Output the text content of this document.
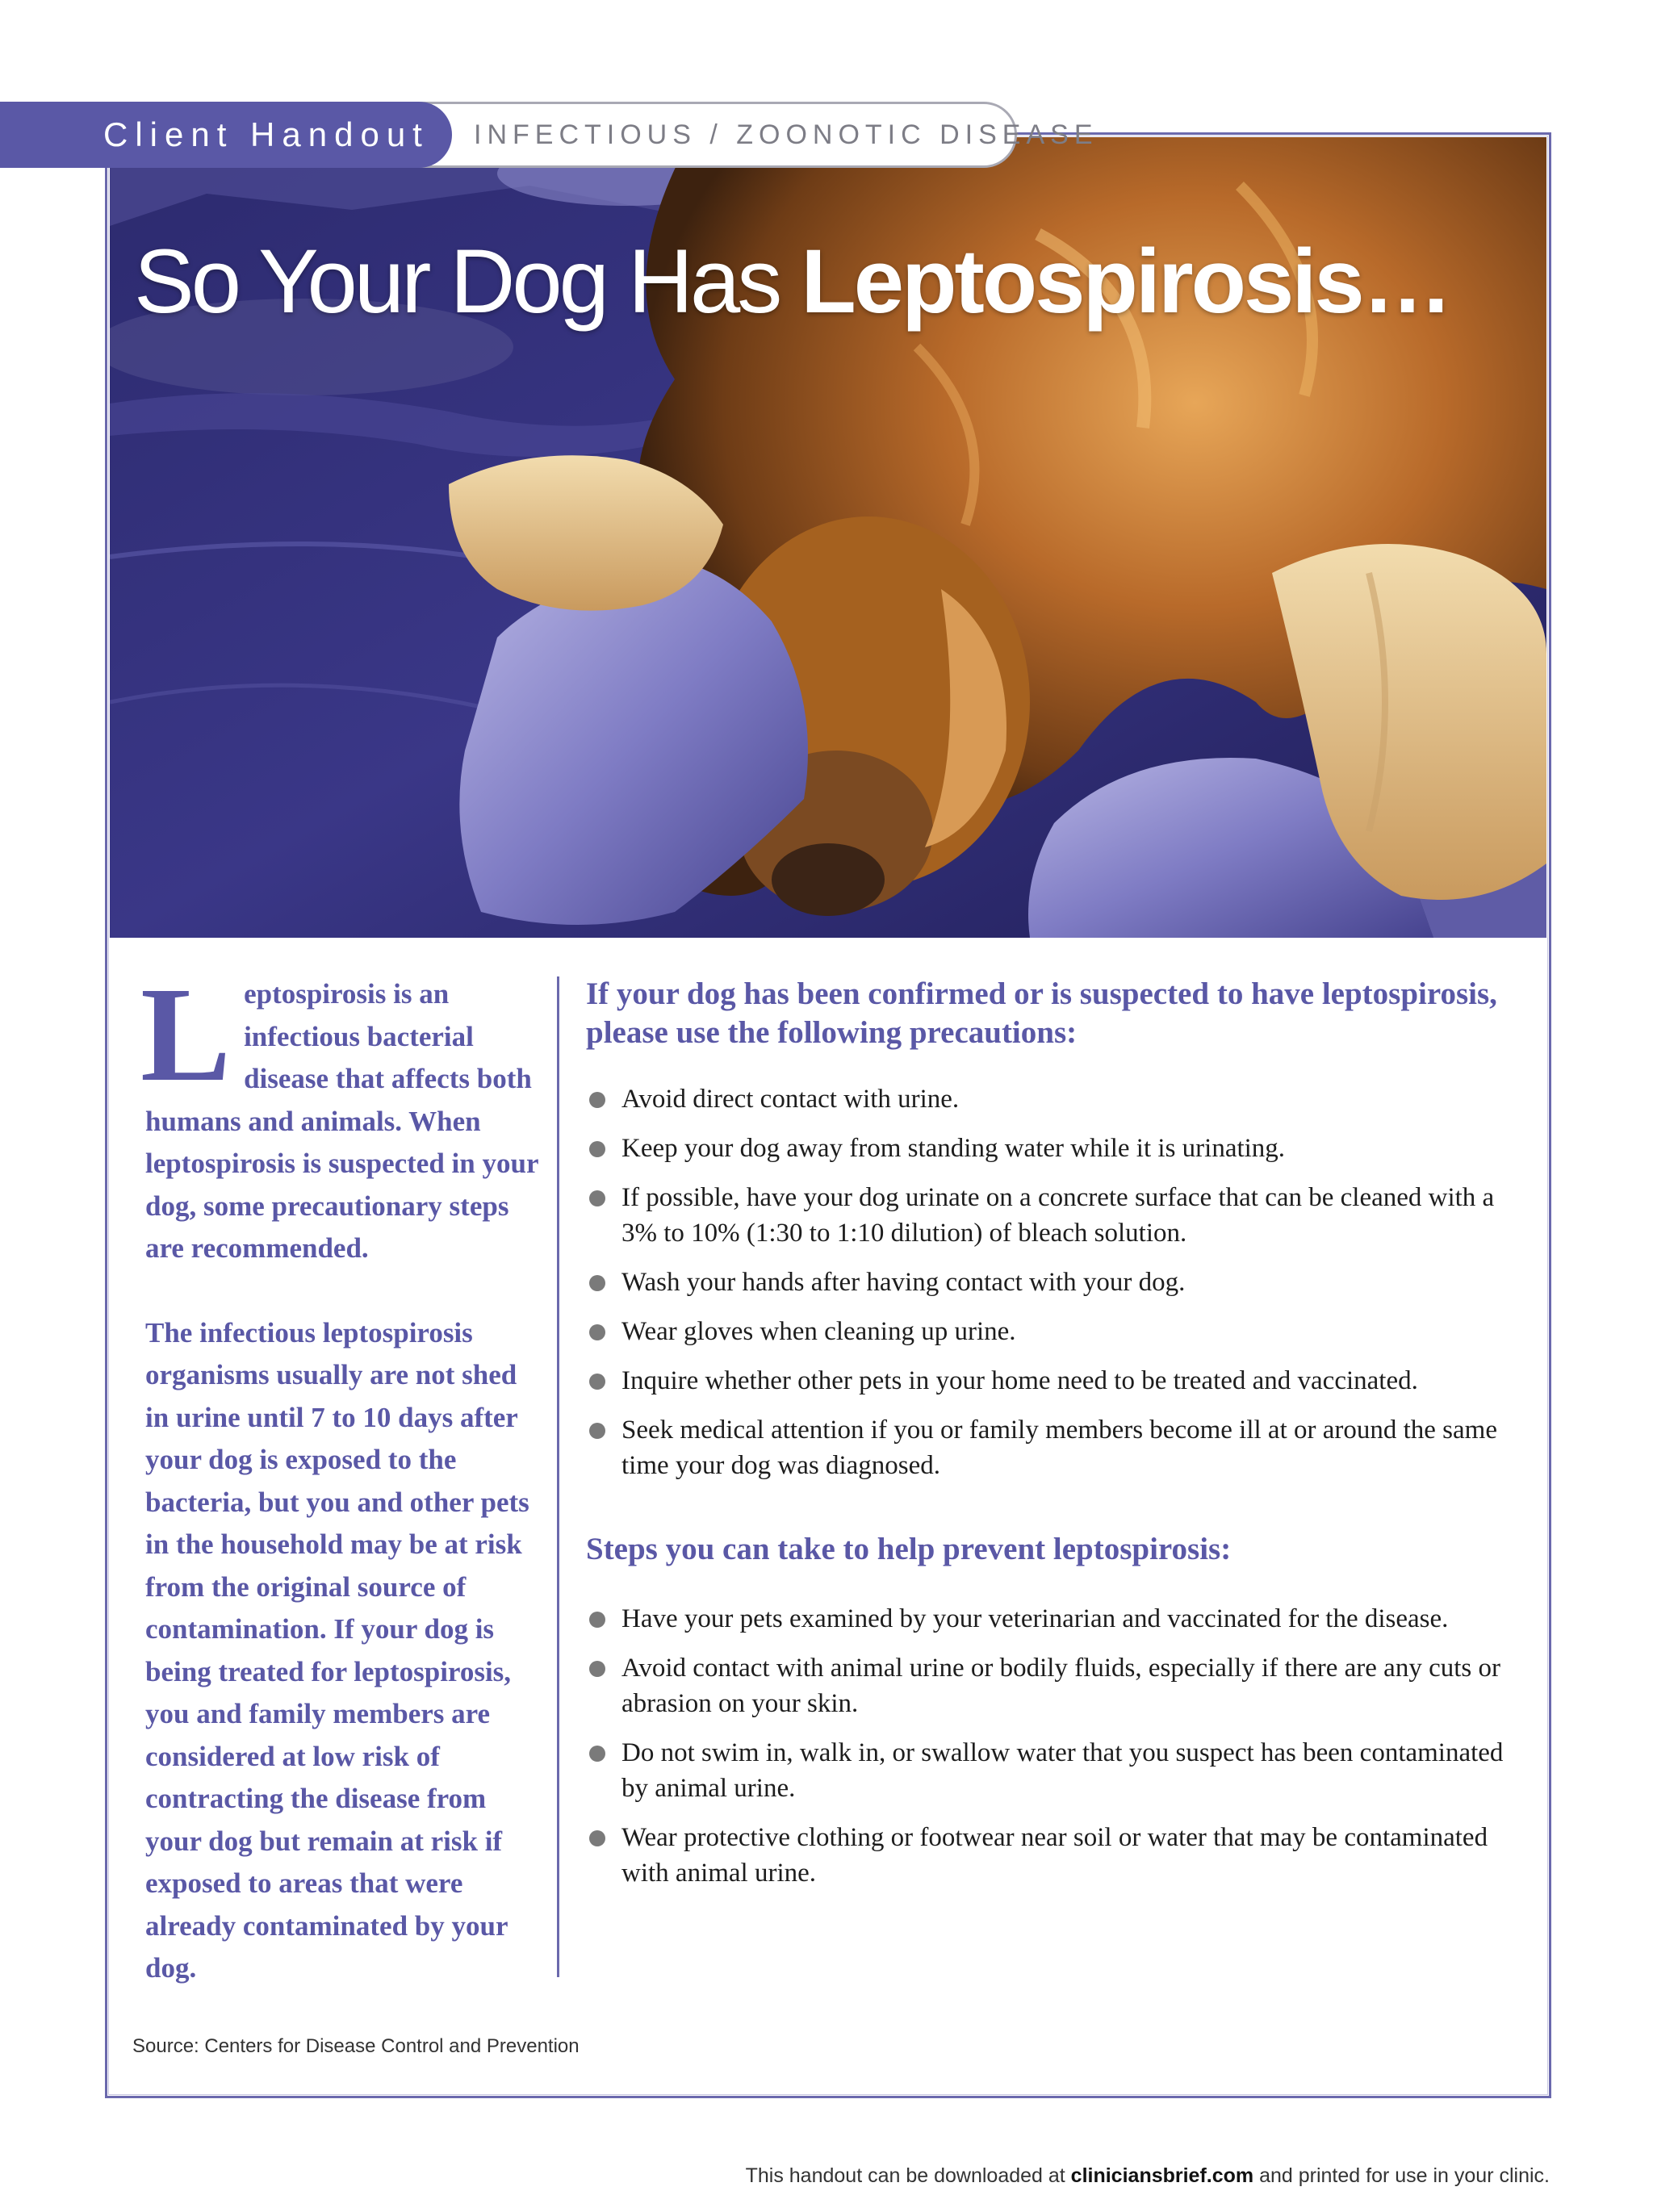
INFECTIOUS / ZOONOTIC DISEASE
Client Handout
So Your Dog Has Leptospirosis…

Leptospirosis is an infectious bacterial disease that affects both humans and animals. When leptospirosis is suspected in your dog, some precautionary steps are recommended.

The infectious leptospirosis organisms usually are not shed in urine until 7 to 10 days after your dog is exposed to the bacteria, but you and other pets in the household may be at risk from the original source of contamination. If your dog is being treated for leptospirosis, you and family members are considered at low risk of contracting the disease from your dog but remain at risk if exposed to areas that were already contaminated by your dog.

If your dog has been confirmed or is suspected to have leptospirosis, please use the following precautions:
Avoid direct contact with urine.
Keep your dog away from standing water while it is urinating.
If possible, have your dog urinate on a concrete surface that can be cleaned with a 3% to 10% (1:30 to 1:10 dilution) of bleach solution.
Wash your hands after having contact with your dog.
Wear gloves when cleaning up urine.
Inquire whether other pets in your home need to be treated and vaccinated.
Seek medical attention if you or family members become ill at or around the same time your dog was diagnosed.
Steps you can take to help prevent leptospirosis:
Have your pets examined by your veterinarian and vaccinated for the disease.
Avoid contact with animal urine or bodily fluids, especially if there are any cuts or abrasion on your skin.
Do not swim in, walk in, or swallow water that you suspect has been contaminated by animal urine.
Wear protective clothing or footwear near soil or water that may be contaminated with animal urine.
Source: Centers for Disease Control and Prevention
This handout can be downloaded at cliniciansbrief.com and printed for use in your clinic.
